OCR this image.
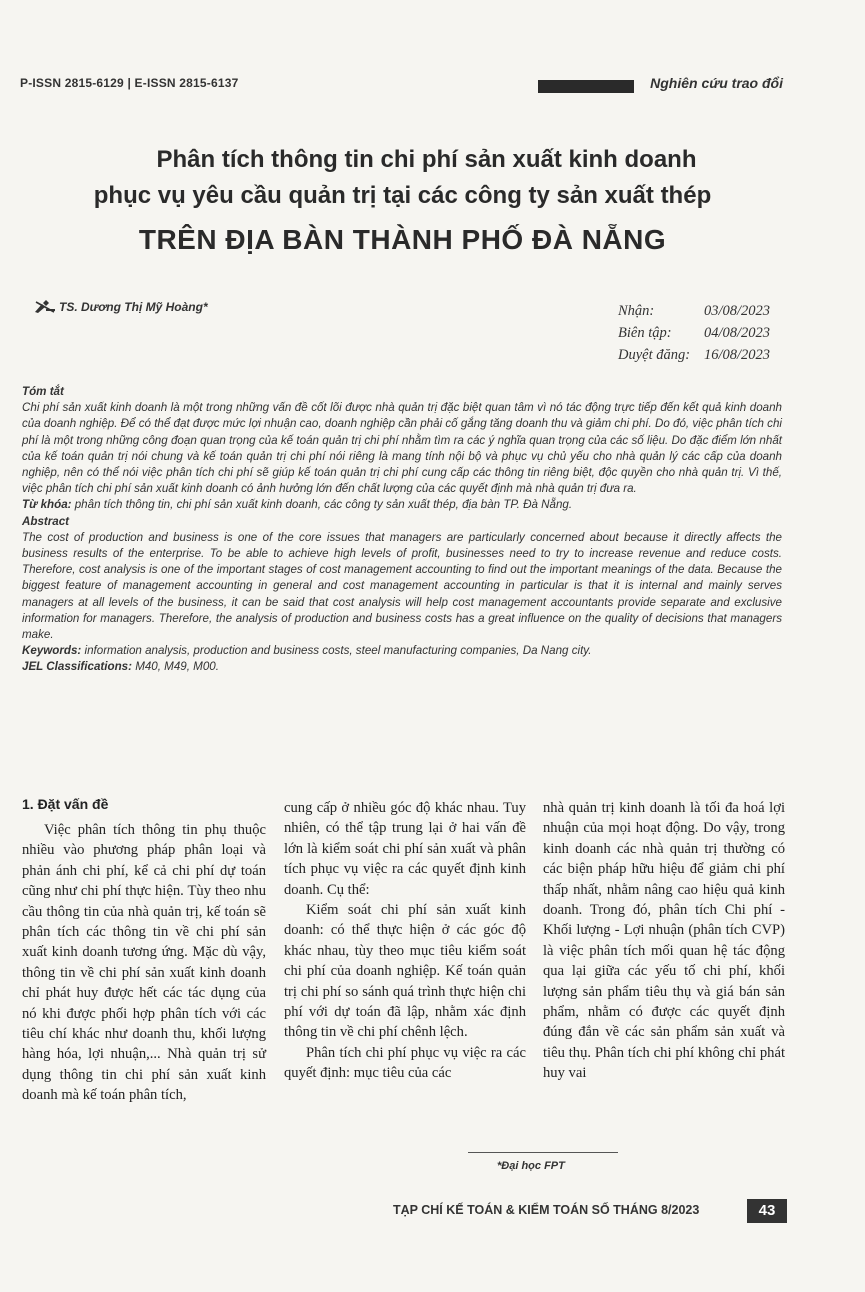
P-ISSN 2815-6129 | E-ISSN 2815-6137	Nghiên cứu trao đổi
Phân tích thông tin chi phí sản xuất kinh doanh
phục vụ yêu cầu quản trị tại các công ty sản xuất thép
TRÊN ĐỊA BÀN THÀNH PHỐ ĐÀ NẴNG
TS. Dương Thị Mỹ Hoàng*	Nhận:	03/08/2023
Biên tập: 04/08/2023
Duyệt đăng: 16/08/2023
Tóm tắt
Chi phí sản xuất kinh doanh là một trong những vấn đề cốt lõi được nhà quản trị đặc biệt quan tâm vì nó tác động trực tiếp đến kết quả kinh doanh của doanh nghiệp. Để có thể đạt được mức lợi nhuận cao, doanh nghiệp cần phải cố gắng tăng doanh thu và giảm chi phí. Do đó, việc phân tích chi phí là một trong những công đoạn quan trọng của kế toán quản trị chi phí nhằm tìm ra các ý nghĩa quan trọng của các số liệu. Do đặc điểm lớn nhất của kế toán quản trị nói chung và kế toán quản trị chi phí nói riêng là mang tính nội bộ và phục vụ chủ yếu cho nhà quản lý các cấp của doanh nghiệp, nên có thể nói việc phân tích chi phí sẽ giúp kế toán quản trị chi phí cung cấp các thông tin riêng biệt, độc quyền cho nhà quản trị. Vì thế, việc phân tích chi phí sản xuất kinh doanh có ảnh hưởng lớn đến chất lượng của các quyết định mà nhà quản trị đưa ra.
Từ khóa: phân tích thông tin, chi phí sản xuất kinh doanh, các công ty sản xuất thép, địa bàn TP. Đà Nẵng.
Abstract
The cost of production and business is one of the core issues that managers are particularly concerned about because it directly affects the business results of the enterprise. To be able to achieve high levels of profit, businesses need to try to increase revenue and reduce costs. Therefore, cost analysis is one of the important stages of cost management accounting to find out the important meanings of the data. Because the biggest feature of management accounting in general and cost management accounting in particular is that it is internal and mainly serves managers at all levels of the business, it can be said that cost analysis will help cost management accountants provide separate and exclusive information for managers. Therefore, the analysis of production and business costs has a great influence on the quality of decisions that managers make.
Keywords: information analysis, production and business costs, steel manufacturing companies, Da Nang city.
JEL Classifications: M40, M49, M00.
1. Đặt vấn đề

Việc phân tích thông tin phụ thuộc nhiều vào phương pháp phân loại và phản ánh chi phí, kể cả chi phí dự toán cũng như chi phí thực hiện. Tùy theo nhu cầu thông tin của nhà quản trị, kế toán sẽ phân tích các thông tin về chi phí sản xuất kinh doanh tương ứng. Mặc dù vậy, thông tin về chi phí sản xuất kinh doanh chỉ phát huy được hết các tác dụng của nó khi được phối hợp phân tích với các tiêu chí khác như doanh thu, khối lượng hàng hóa, lợi nhuận,... Nhà quản trị sử dụng thông tin chi phí sản xuất kinh doanh mà kế toán phân tích,

cung cấp ở nhiều góc độ khác nhau. Tuy nhiên, có thể tập trung lại ở hai vấn đề lớn là kiểm soát chi phí sản xuất và phân tích phục vụ việc ra các quyết định kinh doanh. Cụ thể:

Kiểm soát chi phí sản xuất kinh doanh: có thể thực hiện ở các góc độ khác nhau, tùy theo mục tiêu kiểm soát chi phí của doanh nghiệp. Kế toán quản trị chi phí so sánh quá trình thực hiện chi phí với dự toán đã lập, nhằm xác định thông tin về chi phí chênh lệch.

Phân tích chi phí phục vụ việc ra các quyết định: mục tiêu của các

nhà quản trị kinh doanh là tối đa hoá lợi nhuận của mọi hoạt động. Do vậy, trong kinh doanh các nhà quản trị thường có các biện pháp hữu hiệu để giảm chi phí thấp nhất, nhằm nâng cao hiệu quả kinh doanh. Trong đó, phân tích Chi phí - Khối lượng - Lợi nhuận (phân tích CVP) là việc phân tích mối quan hệ tác động qua lại giữa các yếu tố chi phí, khối lượng sản phẩm tiêu thụ và giá bán sản phẩm, nhằm có được các quyết định đúng đắn về các sản phẩm sản xuất và tiêu thụ. Phân tích chi phí không chỉ phát huy vai

*Đại học FPT
TẠP CHÍ KẾ TOÁN & KIỂM TOÁN SỐ THÁNG 8/2023	43
